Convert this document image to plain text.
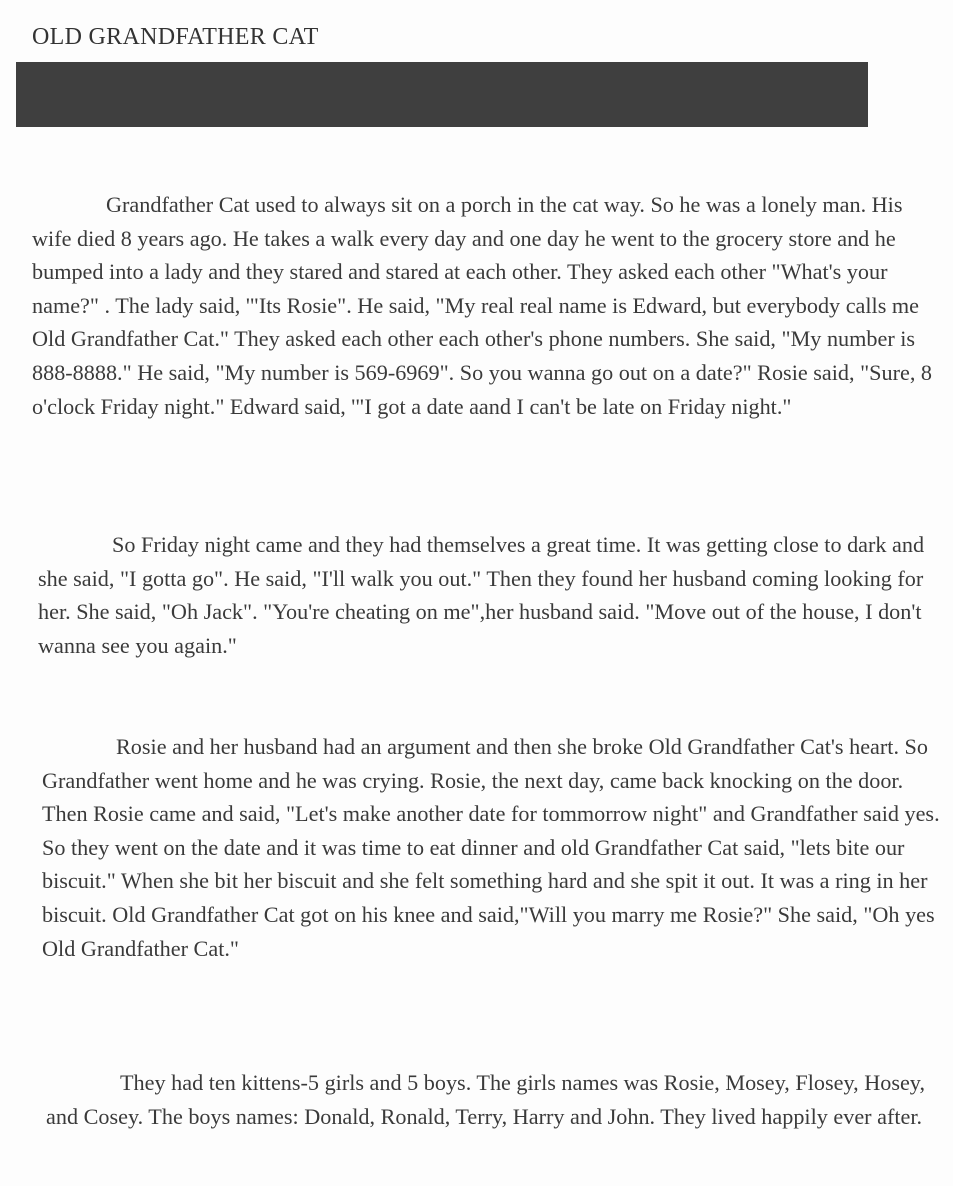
OLD GRANDFATHER CAT

Grandfather Cat used to always sit on a porch in the cat way. So he was a lonely man. His wife died 8 years ago. He takes a walk every day and one day he went to the grocery store and he bumped into a lady and they stared and stared at each other. They asked each other "What's your name?" . The lady said, '"Its Rosie". He said, "My real real name is Edward, but everybody calls me Old Grandfather Cat." They asked each other each other's phone numbers. She said, "My number is 888-8888." He said, "My number is 569-6969". So you wanna go out on a date?" Rosie said, "Sure, 8 o'clock Friday night." Edward said, '"I got a date aand I can't be late on Friday night."

So Friday night came and they had themselves a great time. It was getting close to dark and she said, "I gotta go". He said, "I'll walk you out." Then they found her husband coming looking for her. She said, "Oh Jack". "You're cheating on me",her husband said. "Move out of the house, I don't wanna see you again."

Rosie and her husband had an argument and then she broke Old Grandfather Cat's heart. So Grandfather went home and he was crying. Rosie, the next day, came back knocking on the door. Then Rosie came and said, "Let's make another date for tommorrow night" and Grandfather said yes. So they went on the date and it was time to eat dinner and old Grandfather Cat said, "lets bite our biscuit." When she bit her biscuit and she felt something hard and she spit it out. It was a ring in her biscuit. Old Grandfather Cat got on his knee and said,"Will you marry me Rosie?" She said, "Oh yes Old Grandfather Cat."

They had ten kittens-5 girls and 5 boys. The girls names was Rosie, Mosey, Flosey, Hosey, and Cosey. The boys names: Donald, Ronald, Terry, Harry and John. They lived happily ever after.
